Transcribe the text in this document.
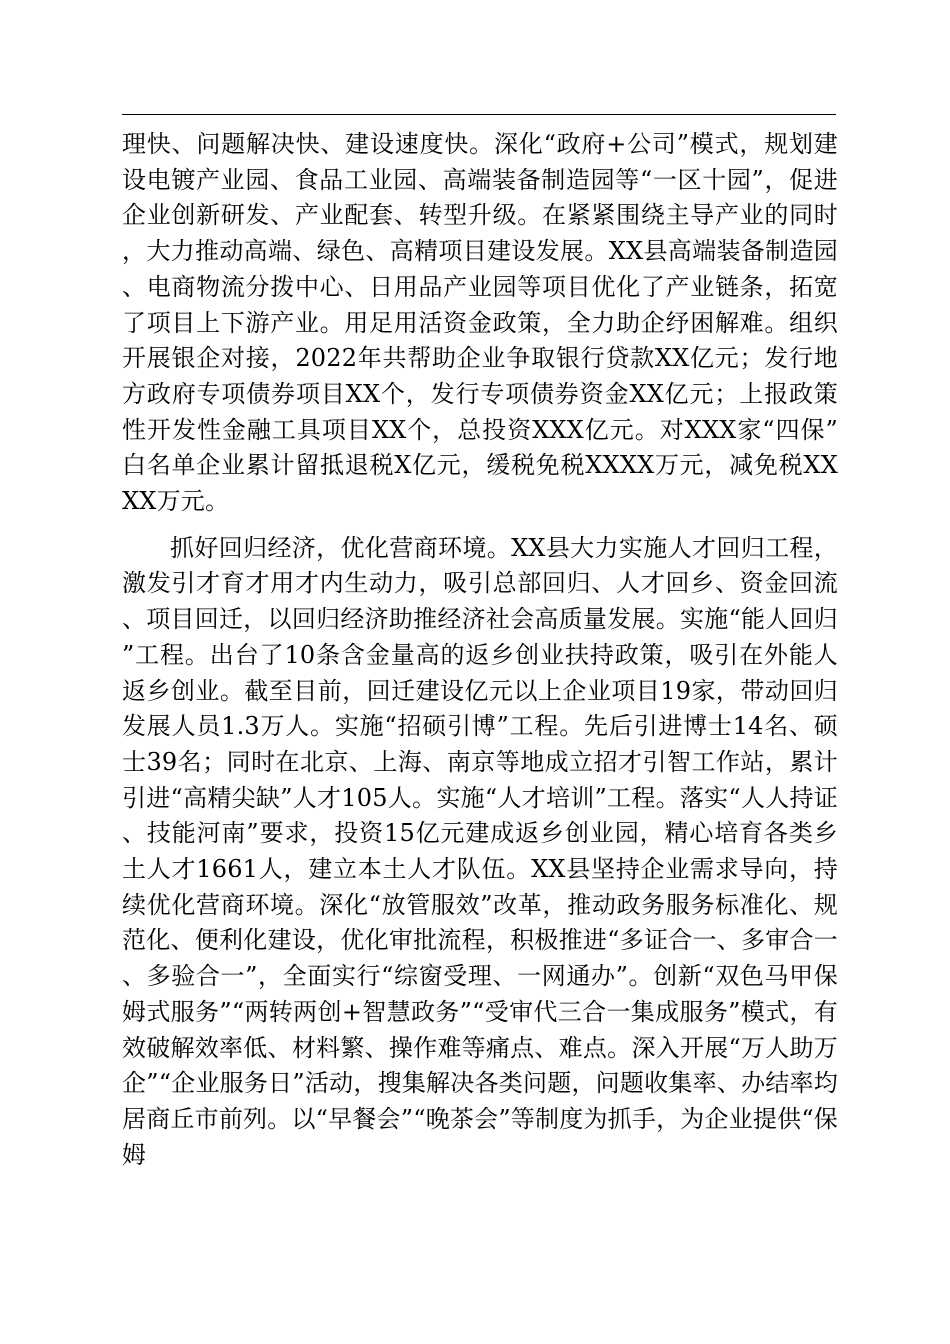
理快、问题解决快、建设速度快。深化“政府+公司”模式，规划建设电镀产业园、食品工业园、高端装备制造园等“一区十园”，促进企业创新研发、产业配套、转型升级。在紧紧围绕主导产业的同时，大力推动高端、绿色、高精项目建设发展。XX县高端装备制造园、电商物流分拨中心、日用品产业园等项目优化了产业链条，拓宽了项目上下游产业。用足用活资金政策，全力助企纾困解难。组织开展银企对接，2022年共帮助企业争取银行贷款XX亿元；发行地方政府专项债券项目XX个，发行专项债券资金XX亿元；上报政策性开发性金融工具项目XX个，总投资XXX亿元。对XXX家“四保”白名单企业累计留抵退税X亿元，缓税免税XXXX万元，减免税XXXX万元。

抓好回归经济，优化营商环境。XX县大力实施人才回归工程，激发引才育才用才内生动力，吸引总部回归、人才回乡、资金回流、项目回迁，以回归经济助推经济社会高质量发展。实施“能人回归”工程。出台了10条含金量高的返乡创业扶持政策，吸引在外能人返乡创业。截至目前，回迁建设亿元以上企业项目19家，带动回归发展人员1.3万人。实施“招硕引博”工程。先后引进博士14名、硕士39名；同时在北京、上海、南京等地成立招才引智工作站，累计引进“高精尖缺”人才105人。实施“人才培训”工程。落实“人人持证、技能河南”要求，投资15亿元建成返乡创业园，精心培育各类乡土人才1661人，建立本土人才队伍。XX县坚持企业需求导向，持续优化营商环境。深化“放管服效”改革，推动政务服务标准化、规范化、便利化建设，优化审批流程，积极推进“多证合一、多审合一、多验合一”，全面实行“综窗受理、一网通办”。创新“双色马甲保姆式服务”“两转两创+智慧政务”“受审代三合一集成服务”模式，有效破解效率低、材料繁、操作难等痛点、难点。深入开展“万人助万企”“企业服务日”活动，搜集解决各类问题，问题收集率、办结率均居商丘市前列。以“早餐会”“晚茶会”等制度为抓手，为企业提供“保姆
